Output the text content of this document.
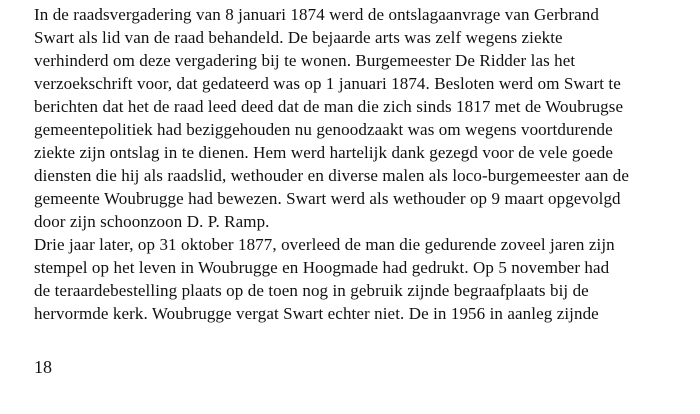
In de raadsvergadering van 8 januari 1874 werd de ontslagaanvrage van Gerbrand
Swart als lid van de raad behandeld. De bejaarde arts was zelf wegens ziekte
verhinderd om deze vergadering bij te wonen. Burgemeester De Ridder las het
verzoekschrift voor, dat gedateerd was op 1 januari 1874. Besloten werd om Swart te
berichten dat het de raad leed deed dat de man die zich sinds 1817 met de Woubrugse
gemeentepolitiek had beziggehouden nu genoodzaakt was om wegens voortdurende
ziekte zijn ontslag in te dienen. Hem werd hartelijk dank gezegd voor de vele goede
diensten die hij als raadslid, wethouder en diverse malen als loco-burgemeester aan de
gemeente Woubrugge had bewezen. Swart werd als wethouder op 9 maart opgevolgd
door zijn schoonzoon D. P. Ramp.
Drie jaar later, op 31 oktober 1877, overleed de man die gedurende zoveel jaren zijn
stempel op het leven in Woubrugge en Hoogmade had gedrukt. Op 5 november had
de teraardebestelling plaats op de toen nog in gebruik zijnde begraafplaats bij de
hervormde kerk. Woubrugge vergat Swart echter niet. De in 1956 in aanleg zijnde
18
